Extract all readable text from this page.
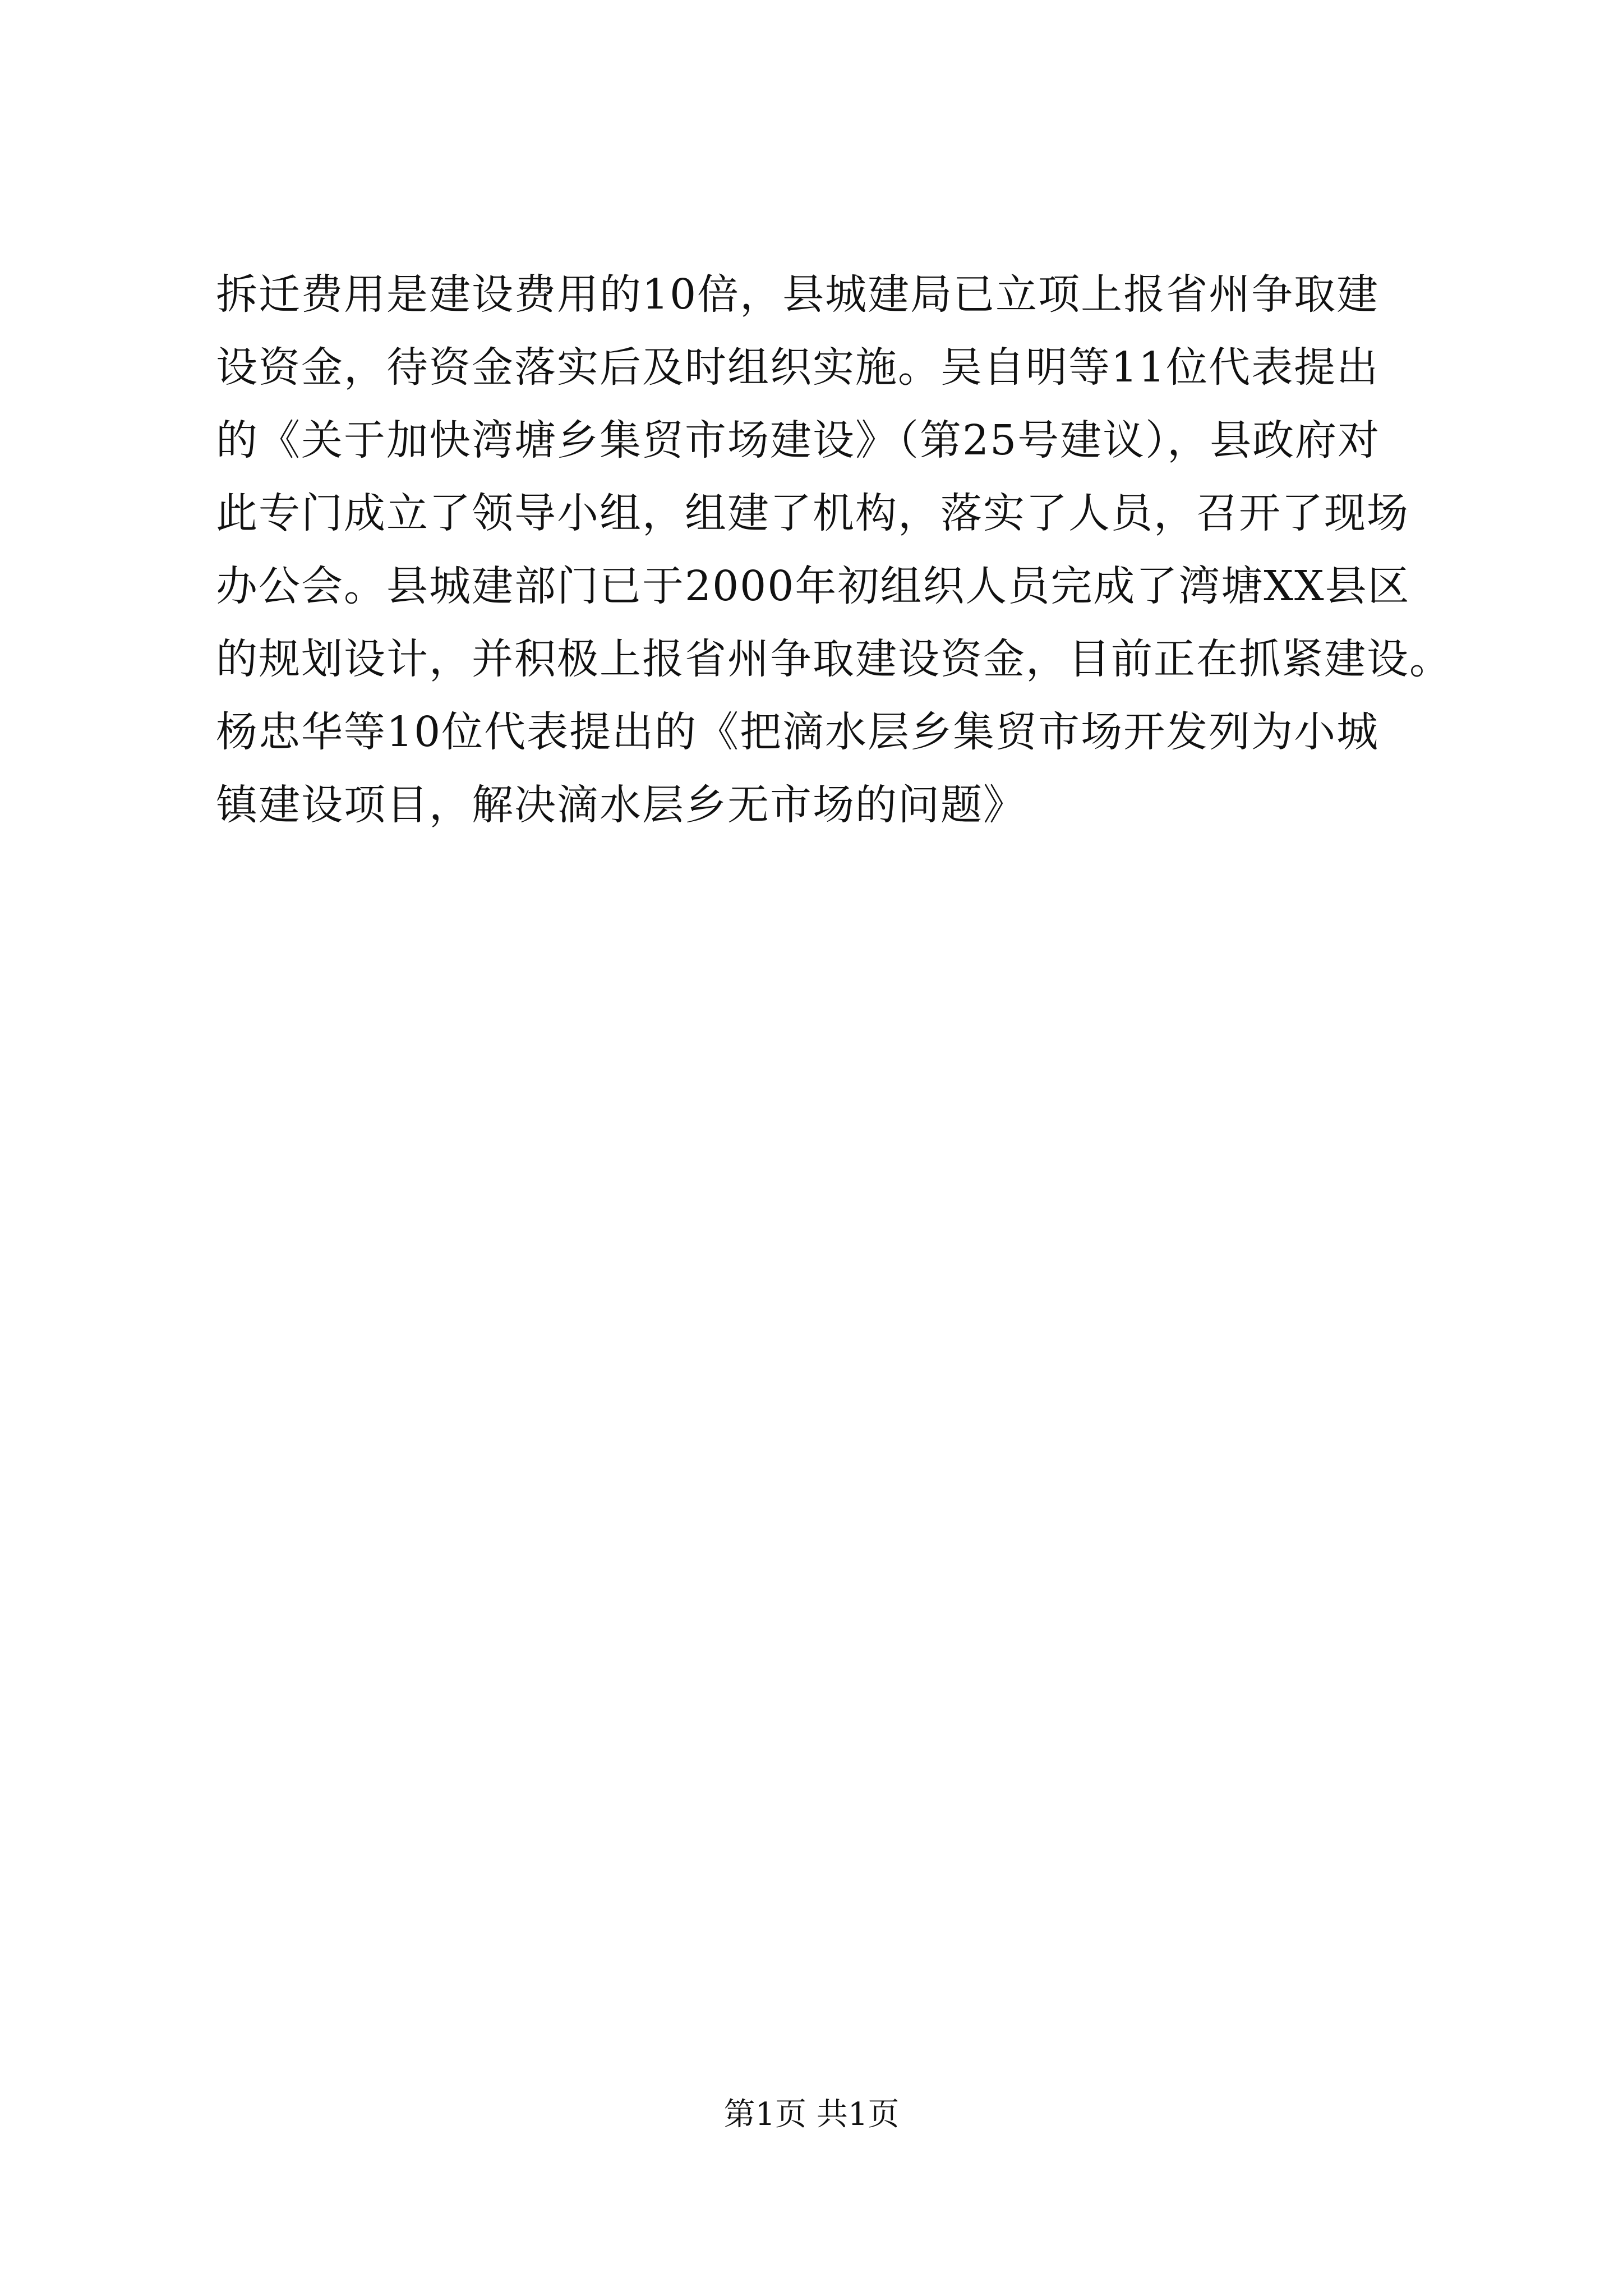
拆迁费用是建设费用的10倍，县城建局已立项上报省州争取建
设资金，待资金落实后及时组织实施。吴自明等11位代表提出
的《关于加快湾塘乡集贸市场建设》（第25号建议），县政府对
此专门成立了领导小组，组建了机构，落实了人员，召开了现场
办公会。县城建部门已于2000年初组织人员完成了湾塘XX县区
的规划设计，并积极上报省州争取建设资金，目前正在抓紧建设。
杨忠华等10位代表提出的《把滴水层乡集贸市场开发列为小城
镇建设项目，解决滴水层乡无市场的问题》
第1页 共1页
